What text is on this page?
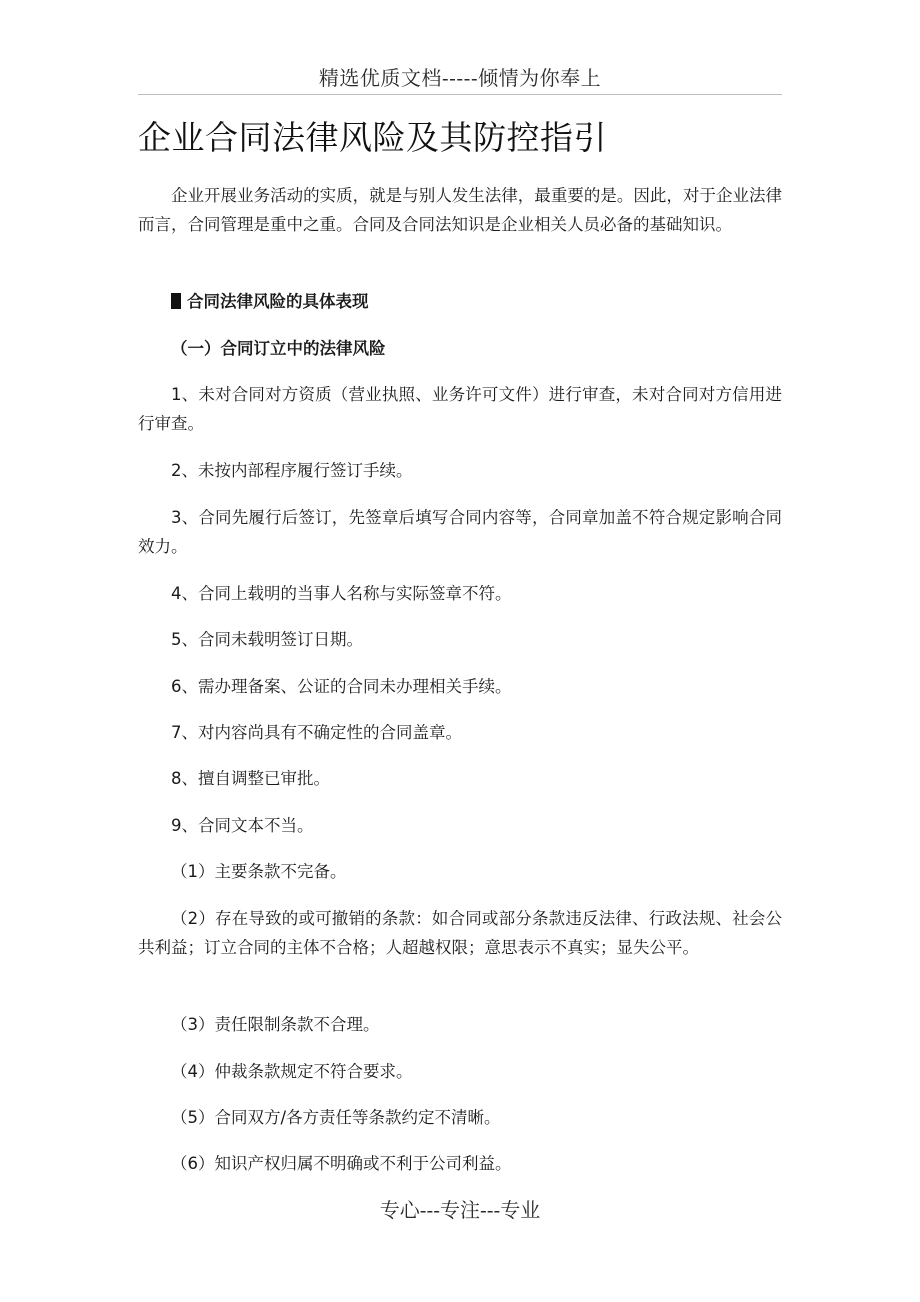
精选优质文档-----倾情为你奉上
企业合同法律风险及其防控指引
企业开展业务活动的实质，就是与别人发生法律，最重要的是。因此，对于企业法律而言，合同管理是重中之重。合同及合同法知识是企业相关人员必备的基础知识。
合同法律风险的具体表现
（一）合同订立中的法律风险
1、未对合同对方资质（营业执照、业务许可文件）进行审查，未对合同对方信用进行审查。
2、未按内部程序履行签订手续。
3、合同先履行后签订，先签章后填写合同内容等，合同章加盖不符合规定影响合同效力。
4、合同上载明的当事人名称与实际签章不符。
5、合同未载明签订日期。
6、需办理备案、公证的合同未办理相关手续。
7、对内容尚具有不确定性的合同盖章。
8、擅自调整已审批。
9、合同文本不当。
（1）主要条款不完备。
（2）存在导致的或可撤销的条款：如合同或部分条款违反法律、行政法规、社会公共利益；订立合同的主体不合格；人超越权限；意思表示不真实；显失公平。
（3）责任限制条款不合理。
（4）仲裁条款规定不符合要求。
（5）合同双方/各方责任等条款约定不清晰。
（6）知识产权归属不明确或不利于公司利益。
专心---专注---专业
